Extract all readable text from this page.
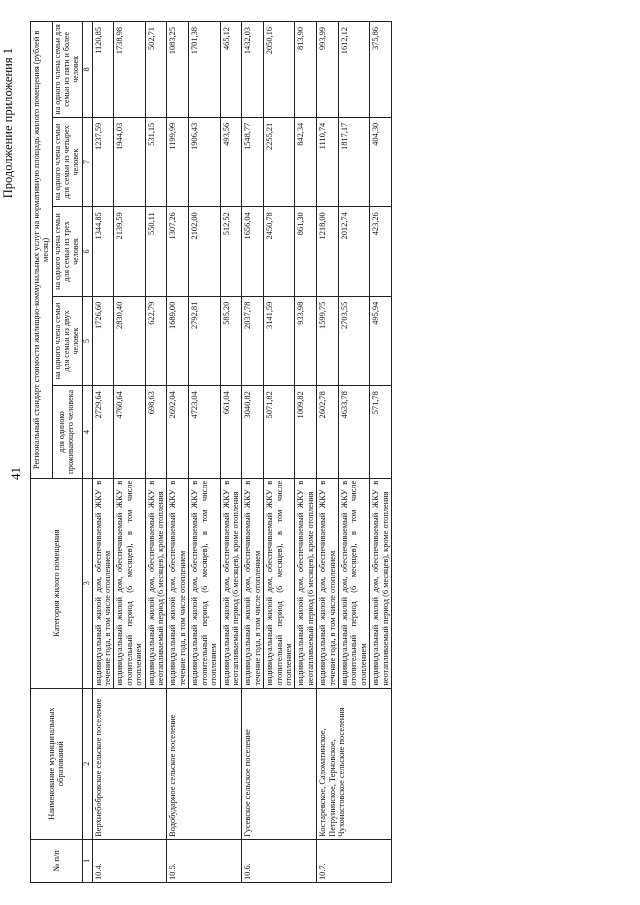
41
Продолжение приложения 1
№ п/п	Наименование муниципальных образований	Категория жилого помещения	Региональный стандарт стоимости жилищно-коммунальных услуг на нормативную площадь жилого помещения (рублей в месяц)				
			для одиноко проживающего человека	на одного члена семьи для семьи из двух человек	на одного члена семьи для семьи из трех человек	на одного члена семьи для семьи из четырех человек	на одного члена семьи для семьи из пяти и более человек
1	2	3	4	5	6	7	8
10.4.	Верхнебобровское сельское поселение	индивидуальный жилой дом, обеспечиваемый ЖКУ в течение года, в том числе отоплением	2729,64	1726,60	1344,85	1237,59	1120,85
		индивидуальный жилой дом, обеспечиваемый ЖКУ в отопительный период (6 месяцев), в том числе отоплением	4760,64	2830,40	2139,59	1944,03	1738,98
		индивидуальный жилой дом, обеспечиваемый ЖКУ в неотапливаемый период (6 месяцев), кроме отопления	698,63	622,79	550,11	531,15	502,71
10.5.	Водобударное сельское поселение	индивидуальный жилой дом, обеспечиваемый ЖКУ в течение года, в том числе отоплением	2692,04	1689,00	1307,26	1199,99	1083,25
		индивидуальный жилой дом, обеспечиваемый ЖКУ в отопительный период (6 месяцев), в том числе отоплением	4723,04	2792,81	2102,00	1906,43	1701,38
		индивидуальный жилой дом, обеспечиваемый ЖКУ в неотапливаемый период (6 месяцев), кроме отопления	661,04	585,20	512,52	493,56	465,12
10.6.	Гусевское сельское поселение	индивидуальный жилой дом, обеспечиваемый ЖКУ в течение года, в том числе отоплением	3040,82	2037,78	1656,04	1548,77	1432,03
		индивидуальный жилой дом, обеспечиваемый ЖКУ в отопительный период (6 месяцев), в том числе отоплением	5071,82	3141,59	2450,78	2255,21	2050,16
		индивидуальный жилой дом, обеспечиваемый ЖКУ в неотапливаемый период (6 месяцев), кроме отопления	1009,82	933,98	861,30	842,34	813,90
10.7.	Костаревское, Саломатинское, Петрунинское, Терновское, Чухонастовское сельские поселения	индивидуальный жилой дом, обеспечиваемый ЖКУ в течение года, в том числе отоплением	2602,78	1599,75	1218,00	1110,74	993,99
		индивидуальный жилой дом, обеспечиваемый ЖКУ в отопительный период (6 месяцев), в том числе отоплением	4633,78	2703,55	2012,74	1817,17	1612,12
		индивидуальный жилой дом, обеспечиваемый ЖКУ в неотапливаемый период (6 месяцев), кроме отопления	571,78	495,94	423,26	404,30	375,86
